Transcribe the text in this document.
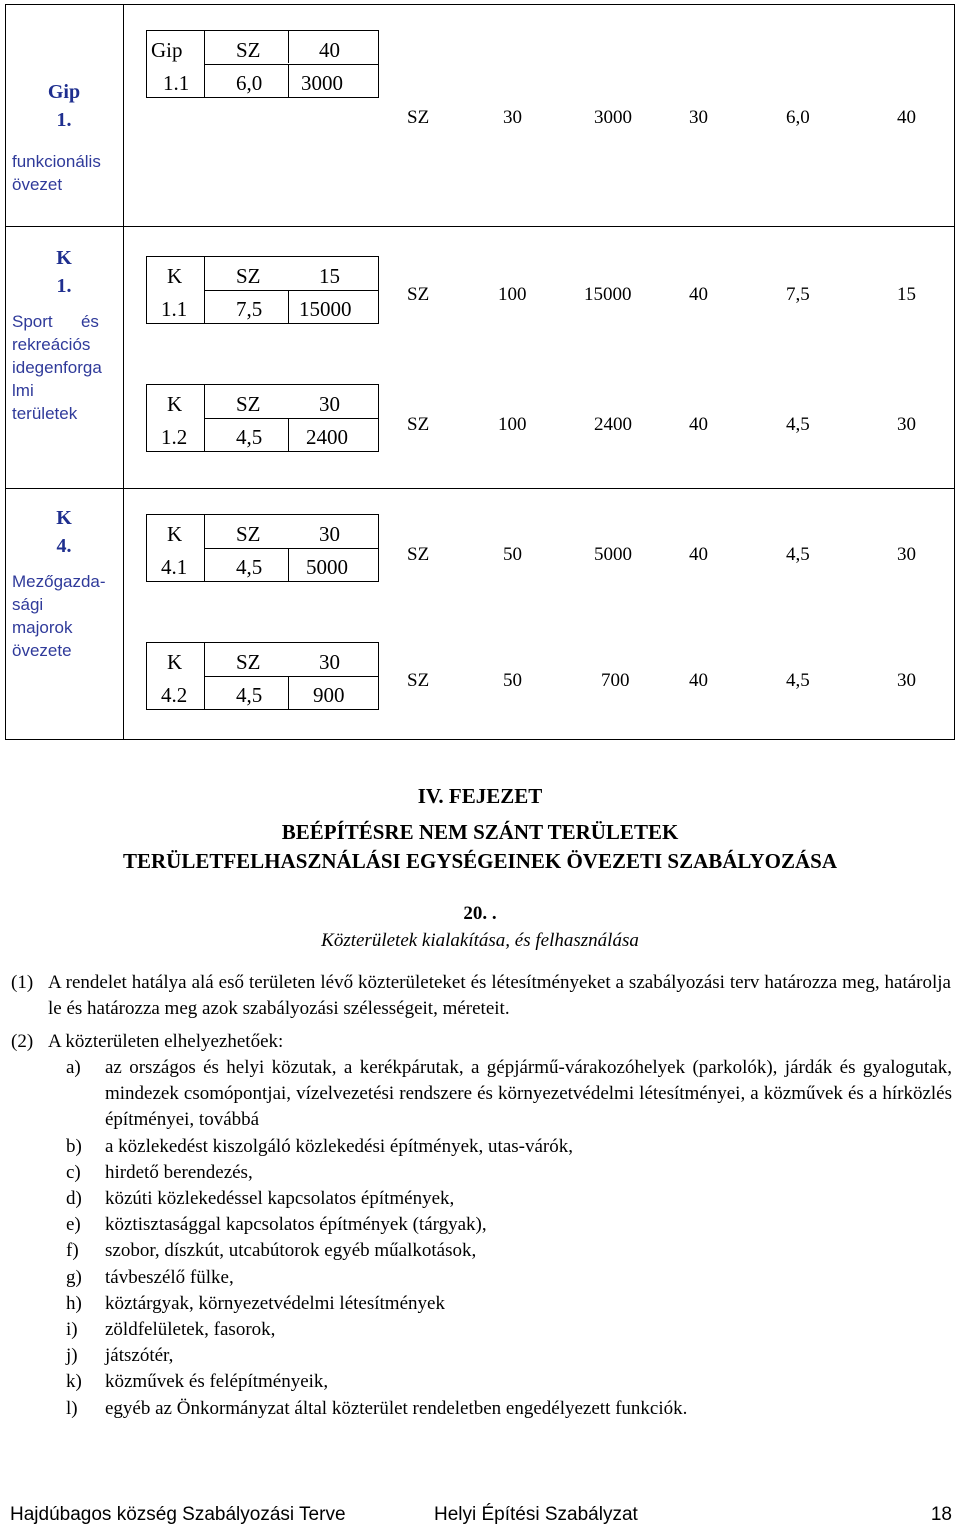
Gip
1.
funkcionális
övezet
Gip	SZ	40
1.1 6,0 3000
SZ	30	3000	30	6,0	40
K
1.
Sport      és
rekreációs
idegenforga
lmi
területek
K	SZ	15
1.1 7,5 15000
SZ	100	15000	40	7,5	15
K	SZ	30
1.2 4,5 2400
SZ	100	2400	40	4,5	30
K
4.
Mezőgazda-
sági
majorok
övezete
K	SZ	30
4.1 4,5 5000
SZ	50	5000	40	4,5	30
K	SZ	30
4.2 4,5 900
SZ	50	700	40	4,5	30
IV. FEJEZET
BEÉPÍTÉSRE NEM SZÁNT TERÜLETEK
TERÜLETFELHASZNÁLÁSI EGYSÉGEINEK ÖVEZETI SZABÁLYOZÁSA
20. .
Közterületek kialakítása, és felhasználása
(1) A rendelet hatálya alá eső területen lévő közterületeket és létesítményeket a szabályozási terv határozza meg, határolja le és határozza meg azok szabályozási szélességeit, méreteit.
(2) A közterületen elhelyezhetőek:
a) az országos és helyi közutak, a kerékpárutak, a gépjármű-várakozóhelyek (parkolók), járdák és gyalogutak, mindezek csomópontjai, vízelvezetési rendszere és környezetvédelmi létesítményei, a közművek és a hírközlés építményei, továbbá
b) a közlekedést kiszolgáló közlekedési építmények, utas-várók,
c) hirdető berendezés,
d) közúti közlekedéssel kapcsolatos építmények,
e) köztisztasággal kapcsolatos építmények (tárgyak),
f) szobor, díszkút, utcabútorok egyéb műalkotások,
g) távbeszélő fülke,
h) köztárgyak, környezetvédelmi létesítmények
i) zöldfelületek, fasorok,
j) játszótér,
k) közművek és felépítményeik,
l) egyéb az Önkormányzat által közterület rendeletben engedélyezett funkciók.
Hajdúbagos község Szabályozási Terve	Helyi Építési Szabályzat	18
